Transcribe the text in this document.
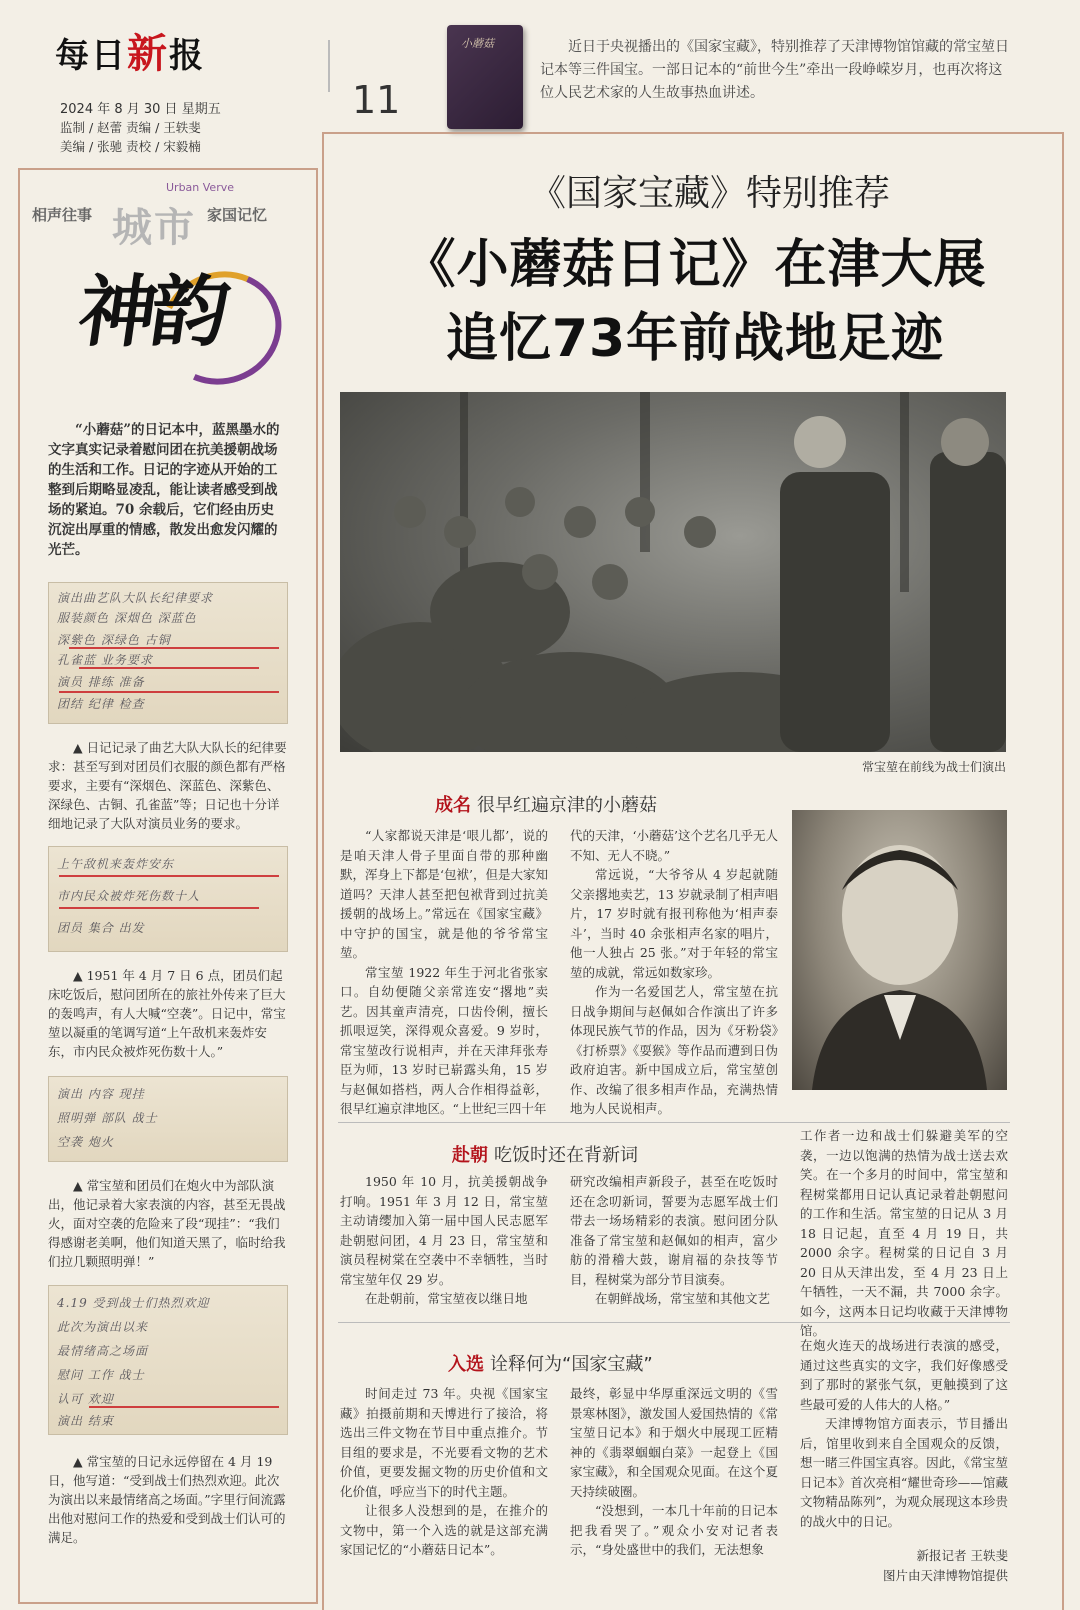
每日新报
2024 年 8 月 30 日 星期五
监制 / 赵蕾 责编 / 王轶斐
美编 / 张驰 责校 / 宋毅楠
11
小蘑菇	近日于央视播出的《国家宝藏》，特别推荐了天津博物馆馆藏的常宝堃日记本等三件国宝。一部日记本的“前世今生”牵出一段峥嵘岁月，也再次将这位人民艺术家的人生故事热血讲述。
相声往事	家国记忆
Urban Verve
城市
神韵
“小蘑菇”的日记本中，蓝黑墨水的文字真实记录着慰问团在抗美援朝战场的生活和工作。日记的字迹从开始的工整到后期略显凌乱，能让读者感受到战场的紧迫。70 余载后，它们经由历史沉淀出厚重的情感，散发出愈发闪耀的光芒。
演出曲艺队大队长纪律要求
服装颜色 深烟色 深蓝色
深紫色 深绿色 古铜
孔雀蓝 业务要求
演员 排练 准备
团结 纪律 检查
▲ 日记记录了曲艺大队大队长的纪律要求：甚至写到对团员们衣服的颜色都有严格要求，主要有“深烟色、深蓝色、深紫色、深绿色、古铜、孔雀蓝”等；日记也十分详细地记录了大队对演员业务的要求。
上午敌机来轰炸安东
市内民众被炸死伤数十人
团员 集合 出发
▲ 1951 年 4 月 7 日 6 点，团员们起床吃饭后，慰问团所在的旅社外传来了巨大的轰鸣声，有人大喊“空袭”。日记中，常宝堃以凝重的笔调写道“上午敌机来轰炸安东，市内民众被炸死伤数十人。”
演出 内容 现挂
照明弹 部队 战士
空袭 炮火
▲ 常宝堃和团员们在炮火中为部队演出，他记录着大家表演的内容，甚至无畏战火，面对空袭的危险来了段“现挂”：“我们得感谢老美啊，他们知道天黑了，临时给我们拉几颗照明弹！”
4.19 受到战士们热烈欢迎
此次为演出以来
最情绪高之场面
慰问 工作 战士
认可 欢迎
演出 结束
▲ 常宝堃的日记永远停留在 4 月 19 日，他写道：“受到战士们热烈欢迎。此次为演出以来最情绪高之场面。”字里行间流露出他对慰问工作的热爱和受到战士们认可的满足。
《国家宝藏》特别推荐
《小蘑菇日记》在津大展
追忆73年前战地足迹
常宝堃在前线为战士们演出
成名 很早红遍京津的小蘑菇

“人家都说天津是‘哏儿都’，说的是咱天津人骨子里面自带的那种幽默，浑身上下都是‘包袱’，但是大家知道吗？天津人甚至把包袱背到过抗美援朝的战场上。”常远在《国家宝藏》中守护的国宝，就是他的爷爷常宝堃。

常宝堃 1922 年生于河北省张家口。自幼便随父亲常连安“撂地”卖艺。因其童声清亮，口齿伶俐，擅长抓哏逗笑，深得观众喜爱。9 岁时，常宝堃改行说相声，并在天津拜张寿臣为师，13 岁时已崭露头角，15 岁与赵佩如搭档，两人合作相得益彰，很早红遍京津地区。“上世纪三四十年

代的天津，‘小蘑菇’这个艺名几乎无人不知、无人不晓。”

常远说，“大爷爷从 4 岁起就随父亲撂地卖艺，13 岁就录制了相声唱片，17 岁时就有报刊称他为‘相声泰斗’，当时 40 余张相声名家的唱片，他一人独占 25 张。”对于年轻的常宝堃的成就，常远如数家珍。

作为一名爱国艺人，常宝堃在抗日战争期间与赵佩如合作演出了许多体现民族气节的作品，因为《牙粉袋》《打桥票》《耍猴》等作品而遭到日伪政府迫害。新中国成立后，常宝堃创作、改编了很多相声作品，充满热情地为人民说相声。

赴朝 吃饭时还在背新词

1950 年 10 月，抗美援朝战争打响。1951 年 3 月 12 日，常宝堃主动请缨加入第一届中国人民志愿军赴朝慰问团，4 月 23 日，常宝堃和演员程树棠在空袭中不幸牺牲，当时常宝堃年仅 29 岁。

在赴朝前，常宝堃夜以继日地

研究改编相声新段子，甚至在吃饭时还在念叨新词，誓要为志愿军战士们带去一场场精彩的表演。慰问团分队准备了常宝堃和赵佩如的相声，富少舫的滑稽大鼓，谢肩福的杂技等节目，程树棠为部分节目演奏。

在朝鲜战场，常宝堃和其他文艺

工作者一边和战士们躲避美军的空袭，一边以饱满的热情为战士送去欢笑。在一个多月的时间中，常宝堃和程树棠都用日记认真记录着赴朝慰问的工作和生活。常宝堃的日记从 3 月 18 日记起，直至 4 月 19 日，共 2000 余字。程树棠的日记自 3 月 20 日从天津出发，至 4 月 23 日上午牺牲，一天不漏，共 7000 余字。如今，这两本日记均收藏于天津博物馆。

入选 诠释何为“国家宝藏”

时间走过 73 年。央视《国家宝藏》拍摄前期和天博进行了接洽，将选出三件文物在节目中重点推介。节目组的要求是，不光要看文物的艺术价值，更要发掘文物的历史价值和文化价值，呼应当下的时代主题。

让很多人没想到的是，在推介的文物中，第一个入选的就是这部充满家国记忆的“小蘑菇日记本”。

最终，彰显中华厚重深远文明的《雪景寒林图》，激发国人爱国热情的《常宝堃日记本》和于烟火中展现工匠精神的《翡翠蝈蝈白菜》一起登上《国家宝藏》，和全国观众见面。在这个夏天持续破圈。

“没想到，一本几十年前的日记本把我看哭了。”观众小安对记者表示，“身处盛世中的我们，无法想象

在炮火连天的战场进行表演的感受，通过这些真实的文字，我们好像感受到了那时的紧张气氛，更触摸到了这些最可爱的人伟大的人格。”

天津博物馆方面表示，节目播出后，馆里收到来自全国观众的反馈，想一睹三件国宝真容。因此，《常宝堃日记本》首次亮相“耀世奇珍——馆藏文物精品陈列”，为观众展现这本珍贵的战火中的日记。

新报记者 王轶斐
图片由天津博物馆提供
